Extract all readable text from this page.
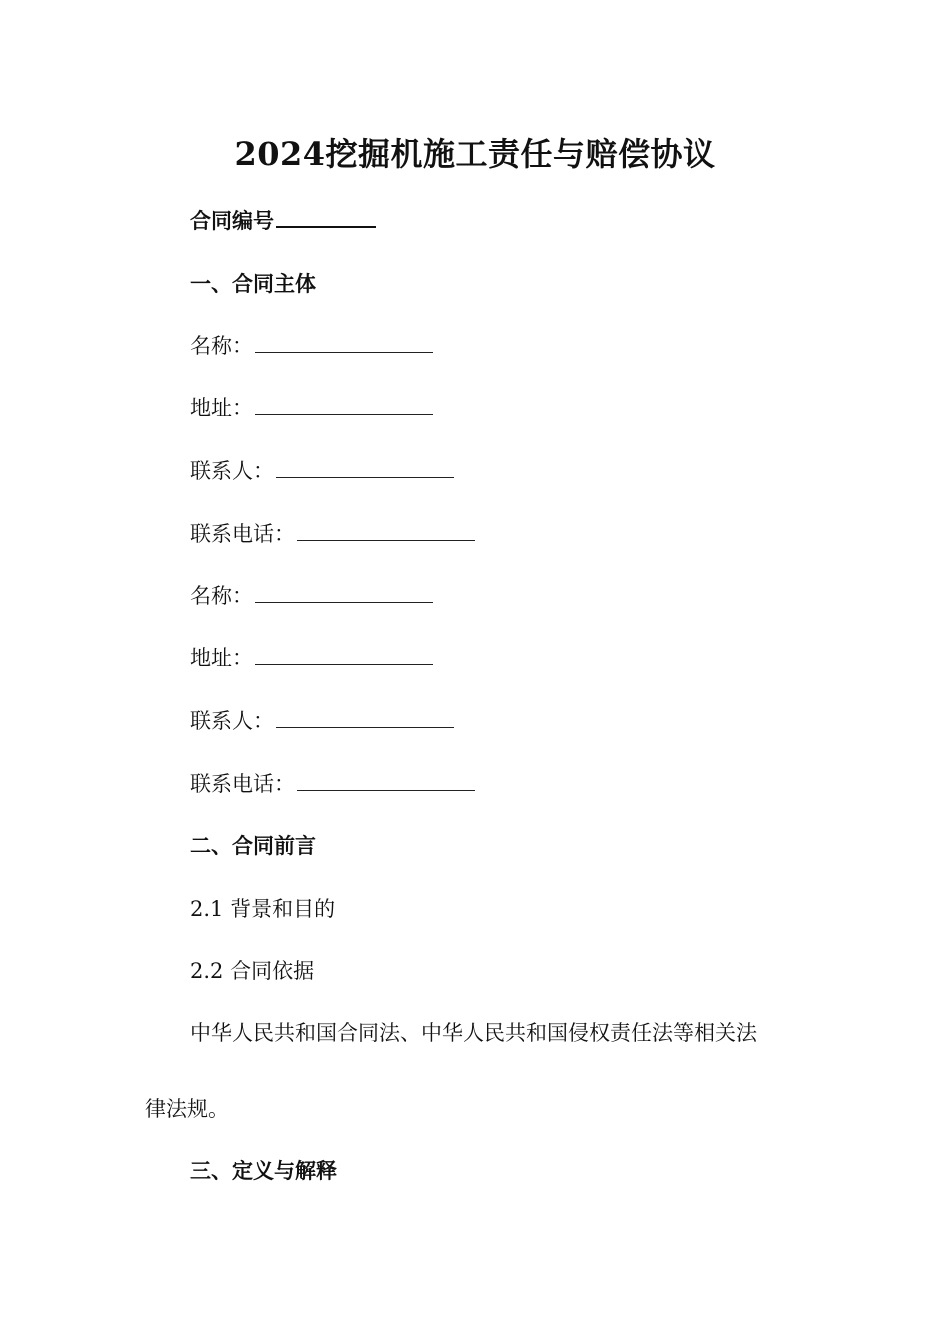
2024挖掘机施工责任与赔偿协议
合同编号
一、合同主体
名称：
地址：
联系人：
联系电话：
名称：
地址：
联系人：
联系电话：
二、合同前言
2.1 背景和目的
2.2 合同依据
中华人民共和国合同法、中华人民共和国侵权责任法等相关法
律法规。
三、定义与解释
